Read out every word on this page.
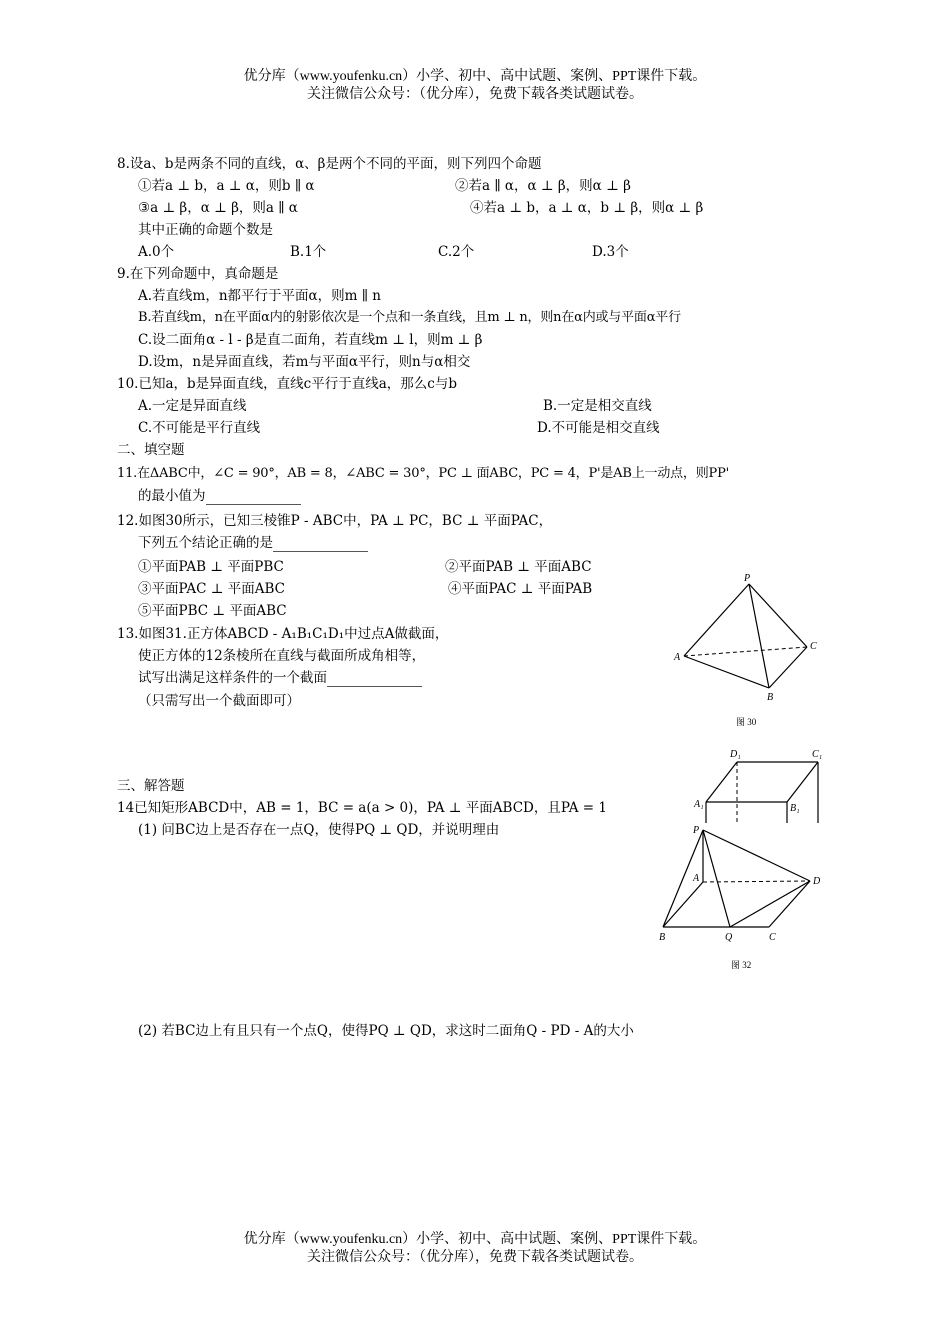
优分库（www.youfenku.cn）小学、初中、高中试题、案例、PPT课件下载。
关注微信公众号：（优分库），免费下载各类试题试卷。
8.设a、b是两条不同的直线，α、β是两个不同的平面，则下列四个命题
①若a ⊥ b，a ⊥ α，则b ∥ α	②若a ∥ α，α ⊥ β，则α ⊥ β
③a ⊥ β，α ⊥ β，则a ∥ α	④若a ⊥ b，a ⊥ α，b ⊥ β，则α ⊥ β
其中正确的命题个数是
A.0个	B.1个	C.2个	D.3个
9.在下列命题中，真命题是
A.若直线m，n都平行于平面α，则m ∥ n
B.若直线m，n在平面α内的射影依次是一个点和一条直线，且m ⊥ n，则n在α内或与平面α平行
C.设二面角α - l - β是直二面角，若直线m ⊥ l，则m ⊥ β
D.设m，n是异面直线，若m与平面α平行，则n与α相交
10.已知a，b是异面直线，直线c平行于直线a，那么c与b
A.一定是异面直线	B.一定是相交直线
C.不可能是平行直线	D.不可能是相交直线
二、填空题
11.在ΔABC中，∠C = 90°，AB = 8，∠ABC = 30°，PC ⊥ 面ABC，PC = 4，P'是AB上一动点，则PP'
的最小值为
12.如图30所示，已知三棱锥P - ABC中，PA ⊥ PC，BC ⊥ 平面PAC，
下列五个结论正确的是
①平面PAB ⊥ 平面PBC	②平面PAB ⊥ 平面ABC
③平面PAC ⊥ 平面ABC	④平面PAC ⊥ 平面PAB
⑤平面PBC ⊥ 平面ABC
13.如图31.正方体ABCD - A₁B₁C₁D₁中过点A做截面，
使正方体的12条棱所在直线与截面所成角相等，
试写出满足这样条件的一个截面
（只需写出一个截面即可）
P
A
C
B
图 30
D₁	C₁
A₁	B₁
三、解答题
14已知矩形ABCD中，AB = 1，BC = a(a > 0)，PA ⊥ 平面ABCD，且PA = 1
(1) 问BC边上是否存在一点Q，使得PQ ⊥ QD，并说明理由	P
A	D
B	Q	C
图 32
(2) 若BC边上有且只有一个点Q，使得PQ ⊥ QD，求这时二面角Q - PD - A的大小
优分库（www.youfenku.cn）小学、初中、高中试题、案例、PPT课件下载。
关注微信公众号：（优分库），免费下载各类试题试卷。
